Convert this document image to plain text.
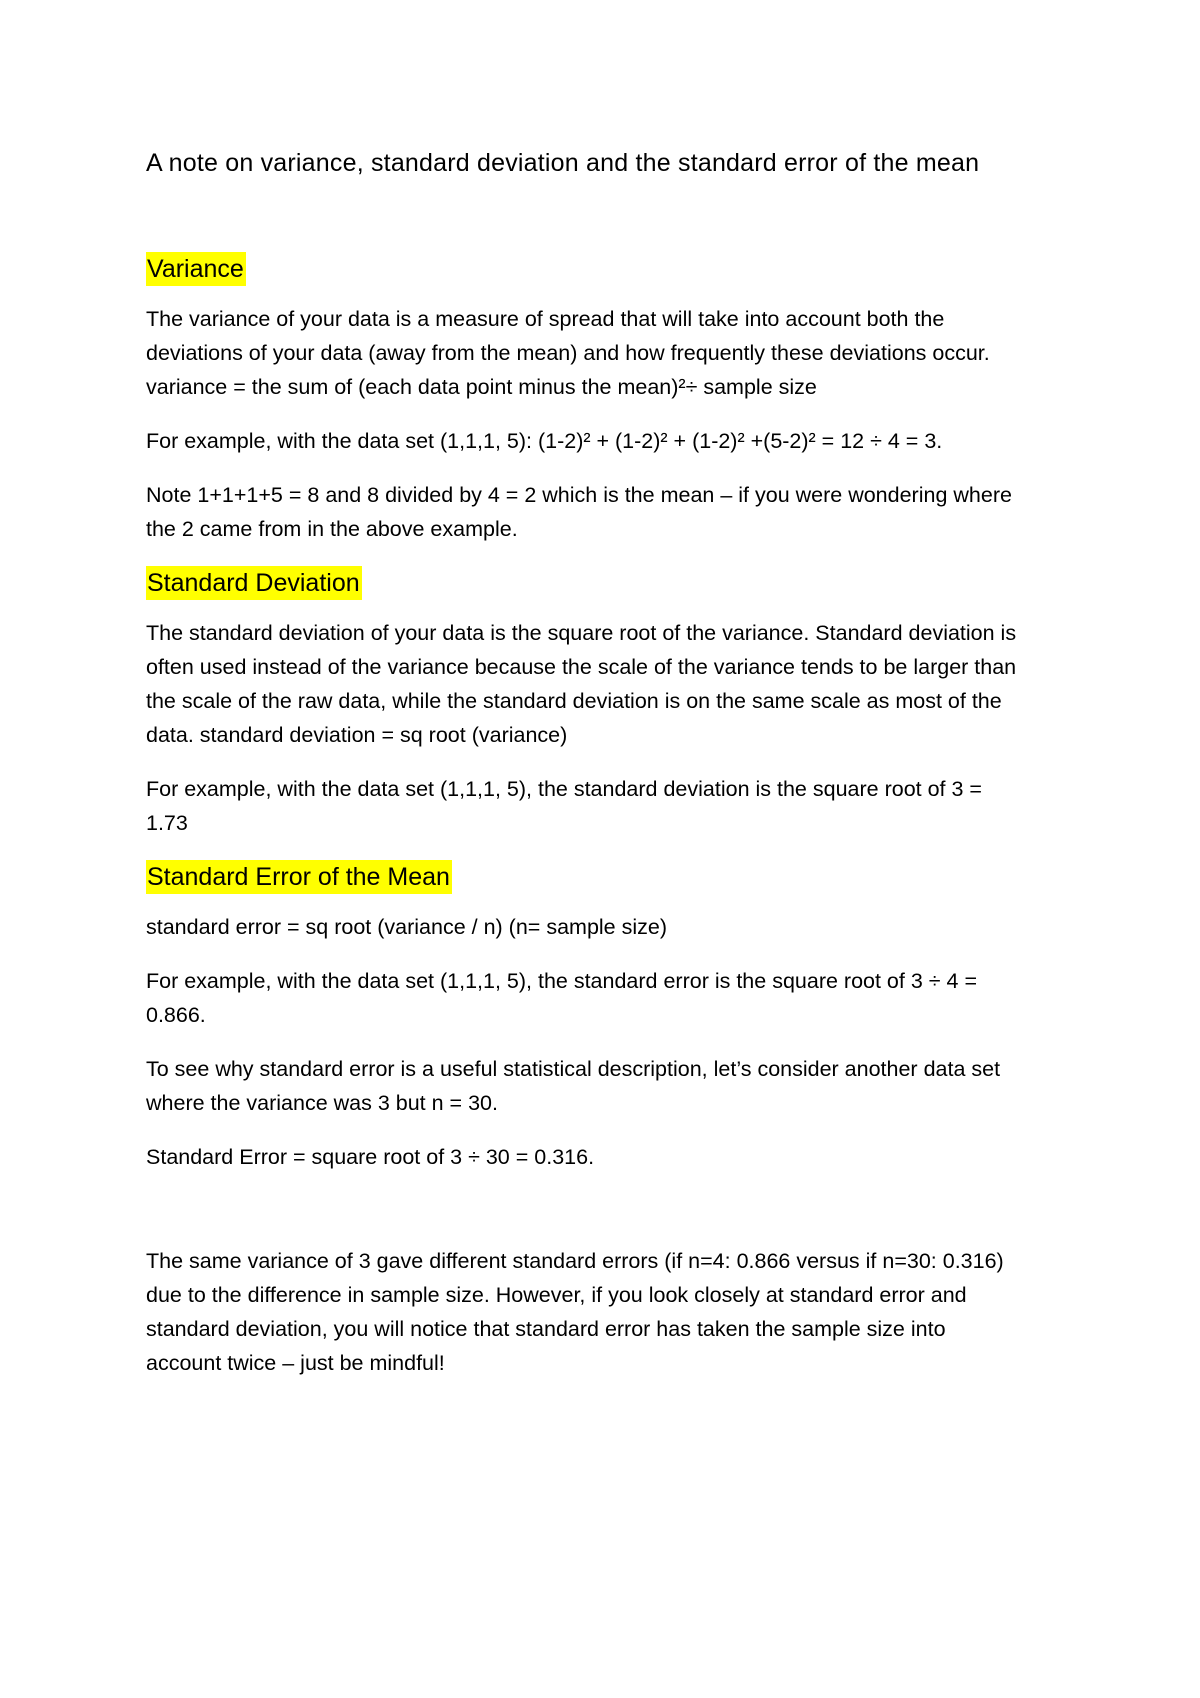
A note on variance, standard deviation and the standard error of the mean
Variance

The variance of your data is a measure of spread that will take into account both the
deviations of your data (away from the mean) and how frequently these deviations occur.
variance = the sum of (each data point minus the mean)²÷ sample size

For example, with the data set (1,1,1, 5): (1-2)² + (1-2)² + (1-2)² +(5-2)² = 12 ÷ 4 = 3.

Note 1+1+1+5 = 8 and 8 divided by 4 = 2 which is the mean – if you were wondering where
the 2 came from in the above example.

Standard Deviation

The standard deviation of your data is the square root of the variance. Standard deviation is
often used instead of the variance because the scale of the variance tends to be larger than
the scale of the raw data, while the standard deviation is on the same scale as most of the
data. standard deviation = sq root (variance)

For example, with the data set (1,1,1, 5), the standard deviation is the square root of 3 =
1.73

Standard Error of the Mean

standard error = sq root (variance / n) (n= sample size)

For example, with the data set (1,1,1, 5), the standard error is the square root of 3 ÷ 4 =
0.866.

To see why standard error is a useful statistical description, let’s consider another data set
where the variance was 3 but n = 30.

Standard Error = square root of 3 ÷ 30 = 0.316.

The same variance of 3 gave different standard errors (if n=4: 0.866 versus if n=30: 0.316)
due to the difference in sample size. However, if you look closely at standard error and
standard deviation, you will notice that standard error has taken the sample size into
account twice – just be mindful!
